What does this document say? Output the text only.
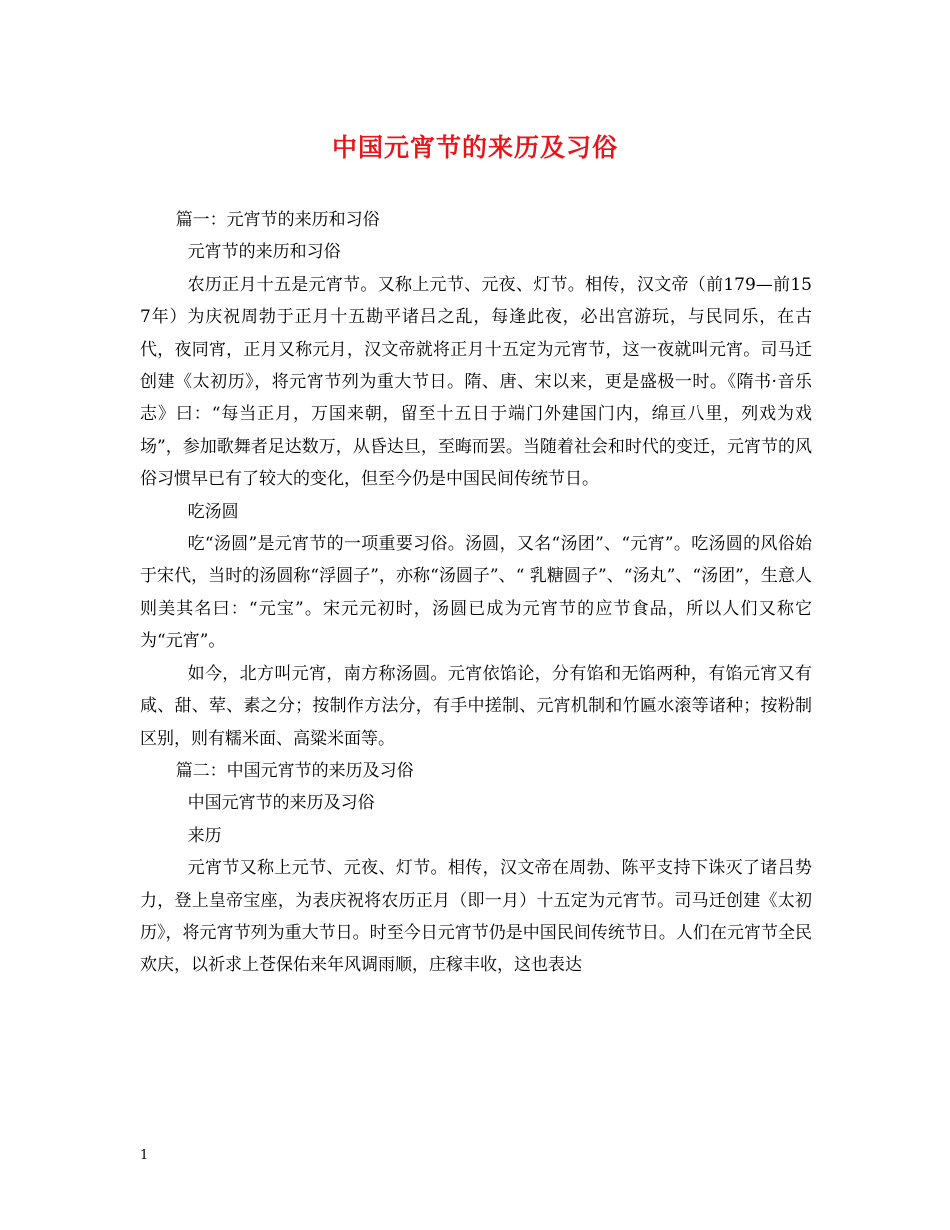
中国元宵节的来历及习俗

篇一：元宵节的来历和习俗

元宵节的来历和习俗

农历正月十五是元宵节。又称上元节、元夜、灯节。相传，汉文帝（前179—前157年）为庆祝周勃于正月十五勘平诸吕之乱，每逢此夜，必出宫游玩，与民同乐，在古代，夜同宵，正月又称元月，汉文帝就将正月十五定为元宵节，这一夜就叫元宵。司马迁创建《太初历》，将元宵节列为重大节日。隋、唐、宋以来，更是盛极一时。《隋书·音乐志》曰：“每当正月，万国来朝，留至十五日于端门外建国门内，绵亘八里，列戏为戏场”，参加歌舞者足达数万，从昏达旦，至晦而罢。当随着社会和时代的变迁，元宵节的风俗习惯早已有了较大的变化，但至今仍是中国民间传统节日。

吃汤圆

吃“汤圆”是元宵节的一项重要习俗。汤圆，又名“汤团”、“元宵”。吃汤圆的风俗始于宋代，当时的汤圆称“浮圆子”，亦称“汤圆子”、“ 乳糖圆子”、“汤丸”、“汤团”，生意人则美其名曰：“元宝”。宋元元初时，汤圆已成为元宵节的应节食品，所以人们又称它为“元宵”。

如今，北方叫元宵，南方称汤圆。元宵依馅论，分有馅和无馅两种，有馅元宵又有咸、甜、荤、素之分；按制作方法分，有手中搓制、元宵机制和竹匾水滚等诸种；按粉制区别，则有糯米面、高粱米面等。

篇二：中国元宵节的来历及习俗

中国元宵节的来历及习俗

来历

元宵节又称上元节、元夜、灯节。相传，汉文帝在周勃、陈平支持下诛灭了诸吕势力，登上皇帝宝座，为表庆祝将农历正月（即一月）十五定为元宵节。司马迁创建《太初历》，将元宵节列为重大节日。时至今日元宵节仍是中国民间传统节日。人们在元宵节全民欢庆，以祈求上苍保佑来年风调雨顺，庄稼丰收，这也表达

1
